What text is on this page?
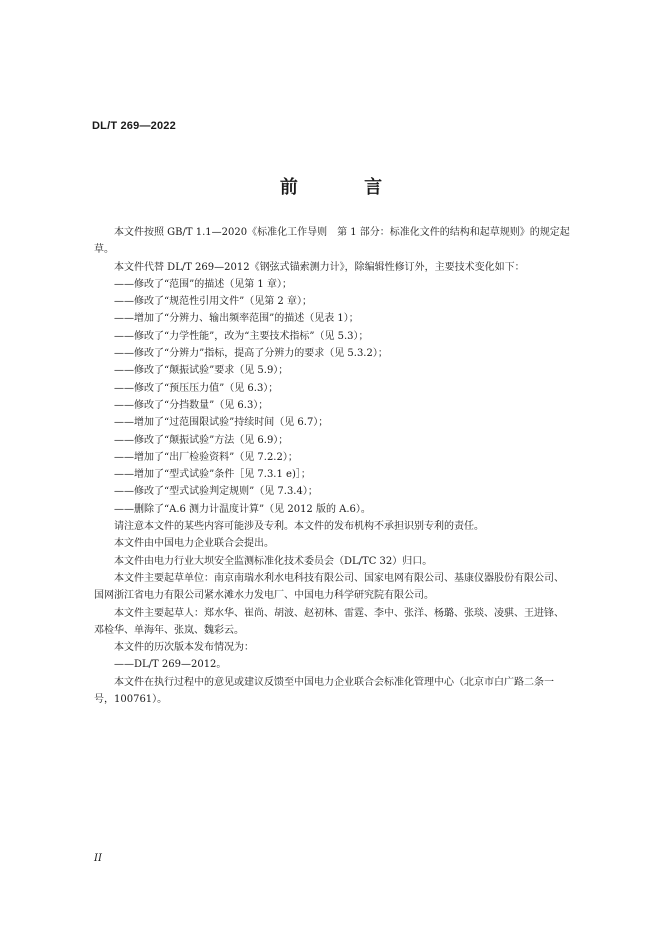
DL/T 269—2022
前 言

本文件按照 GB/T 1.1—2020《标准化工作导则　第 1 部分：标准化文件的结构和起草规则》的规定起草。

本文件代替 DL/T 269—2012《钢弦式锚索测力计》，除编辑性修订外，主要技术变化如下：

——修改了“范围”的描述（见第 1 章）；

——修改了“规范性引用文件”（见第 2 章）；

——增加了“分辨力、输出频率范围”的描述（见表 1）；

——修改了“力学性能”，改为“主要技术指标”（见 5.3）；

——修改了“分辨力”指标，提高了分辨力的要求（见 5.3.2）；

——修改了“颠振试验”要求（见 5.9）；

——修改了“预压压力值”（见 6.3）；

——修改了“分挡数量”（见 6.3）；

——增加了“过范围限试验”持续时间（见 6.7）；

——修改了“颠振试验”方法（见 6.9）；

——增加了“出厂检验资料”（见 7.2.2）；

——增加了“型式试验”条件［见 7.3.1 e)］；

——修改了“型式试验判定规则”（见 7.3.4）；

——删除了“A.6 测力计温度计算”（见 2012 版的 A.6）。

请注意本文件的某些内容可能涉及专利。本文件的发布机构不承担识别专利的责任。

本文件由中国电力企业联合会提出。

本文件由电力行业大坝安全监测标准化技术委员会（DL/TC 32）归口。

本文件主要起草单位：南京南瑞水利水电科技有限公司、国家电网有限公司、基康仪器股份有限公司、国网浙江省电力有限公司紧水滩水力发电厂、中国电力科学研究院有限公司。

本文件主要起草人：郑水华、崔尚、胡波、赵初林、雷霆、李中、张洋、杨璐、张琰、凌骐、王进锋、邓检华、单海年、张岚、魏彩云。

本文件的历次版本发布情况为：

——DL/T 269—2012。

本文件在执行过程中的意见或建议反馈至中国电力企业联合会标准化管理中心（北京市白广路二条一号，100761）。

II
